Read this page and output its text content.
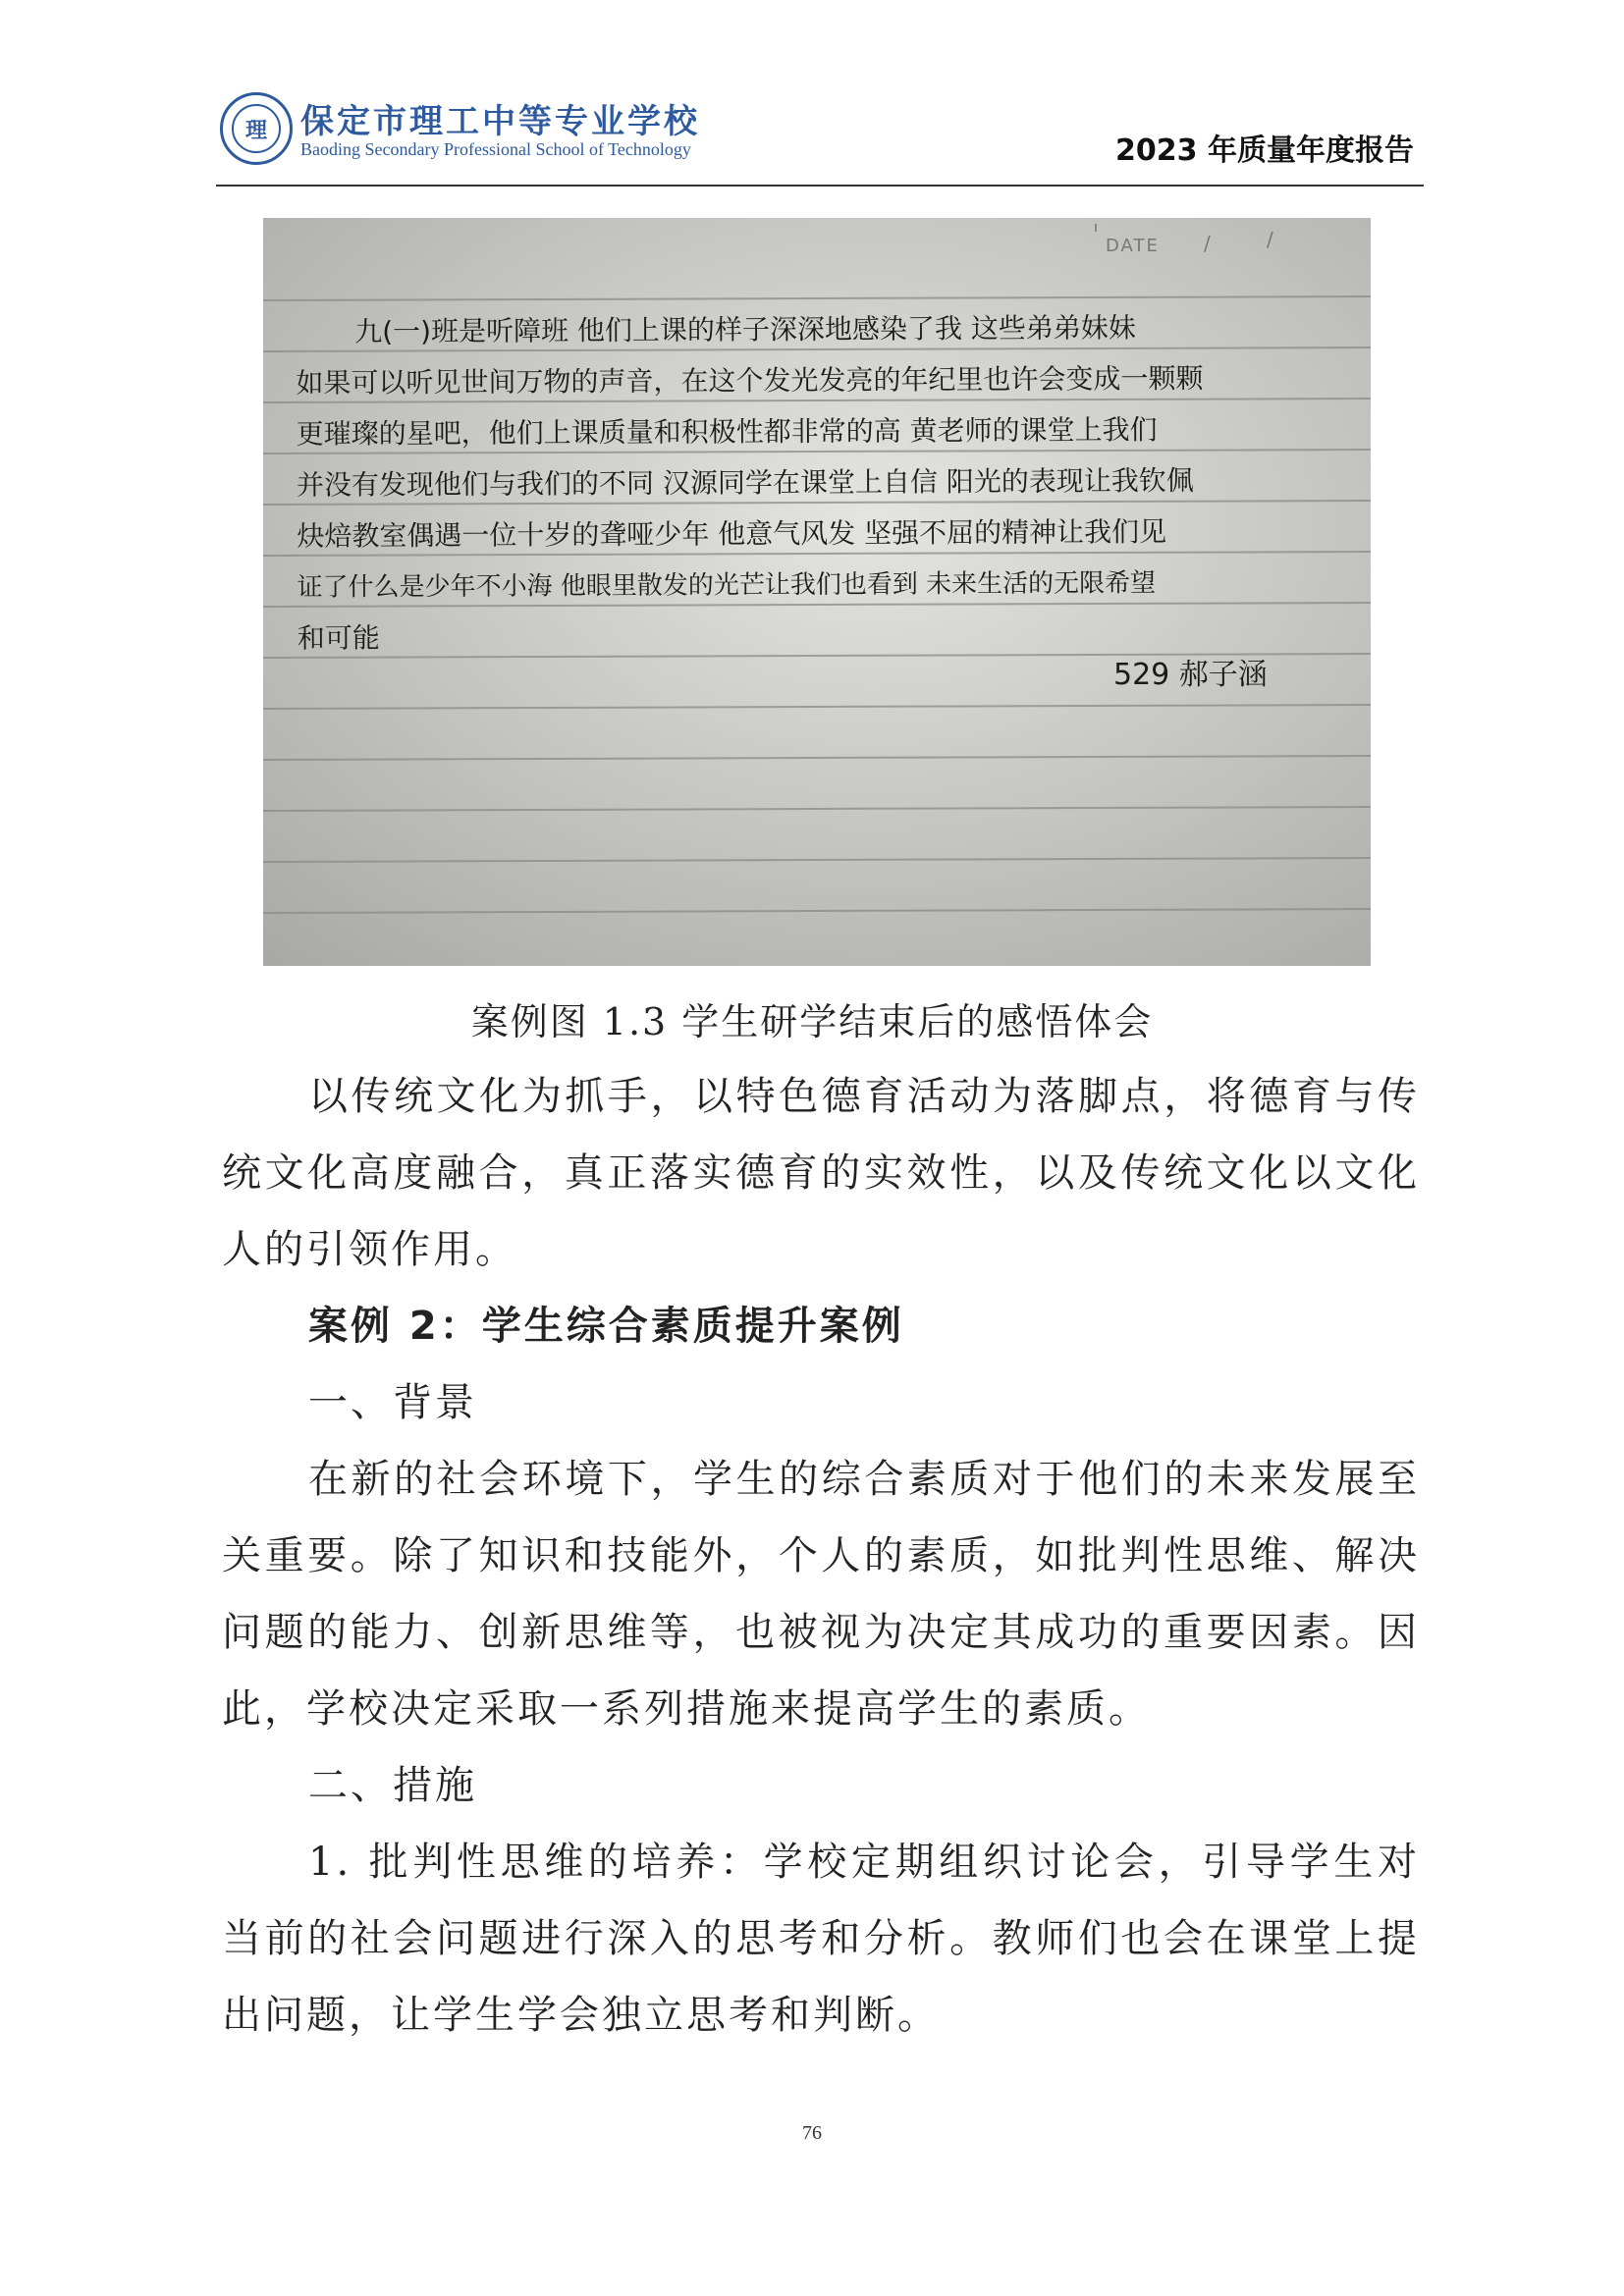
理	保定市理工中等专业学校
Baoding Secondary Professional School of Technology	2023 年质量年度报告
DATE /	/
九(一)班是听障班 他们上课的样子深深地感染了我 这些弟弟妹妹
如果可以听见世间万物的声音，在这个发光发亮的年纪里也许会变成一颗颗
更璀璨的星吧，他们上课质量和积极性都非常的高 黄老师的课堂上我们
并没有发现他们与我们的不同 汉源同学在课堂上自信 阳光的表现让我钦佩
炔焙教室偶遇一位十岁的聋哑少年 他意气风发 坚强不屈的精神让我们见
证了什么是少年不小海 他眼里散发的光芒让我们也看到 未来生活的无限希望
和可能
529 郝子涵
案例图 1.3 学生研学结束后的感悟体会

以传统文化为抓手，以特色德育活动为落脚点，将德育与传统文化高度融合，真正落实德育的实效性，以及传统文化以文化人的引领作用。

案例 2：学生综合素质提升案例

一、背景

在新的社会环境下，学生的综合素质对于他们的未来发展至关重要。除了知识和技能外，个人的素质，如批判性思维、解决问题的能力、创新思维等，也被视为决定其成功的重要因素。因此，学校决定采取一系列措施来提高学生的素质。

二、措施

1. 批判性思维的培养：学校定期组织讨论会，引导学生对当前的社会问题进行深入的思考和分析。教师们也会在课堂上提出问题，让学生学会独立思考和判断。

76
